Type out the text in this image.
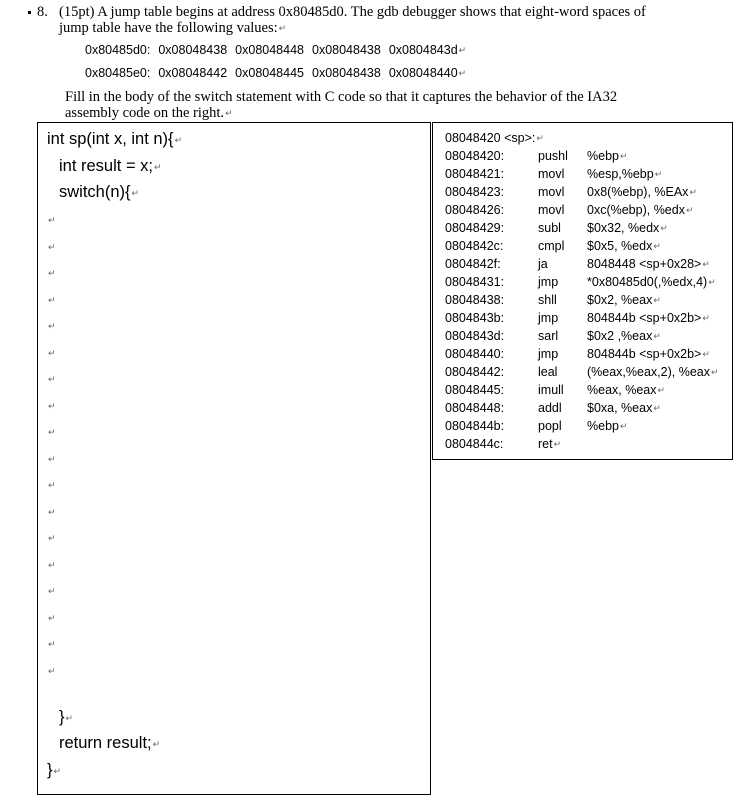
8. (15pt) A jump table begins at address 0x80485d0. The gdb debugger shows that eight-word spaces of
jump table have the following values:↵
0x80485d0: 0x08048438 0x08048448 0x08048438 0x0804843d↵
0x80485e0: 0x08048442 0x08048445 0x08048438 0x08048440↵
Fill in the body of the switch statement with C code so that it captures the behavior of the IA32
assembly code on the right.↵
int sp(int x, int n){↵
int result = x;↵
switch(n){↵
↵
↵
↵
↵
↵
↵
↵
↵
↵
↵
↵
↵
↵
↵
↵
↵
↵
↵
}↵
return result;↵
}↵
08048420 <sp>:↵
08048420:	pushl %ebp↵
08048421:	movl %esp,%ebp↵
08048423:	movl 0x8(%ebp), %EAx↵
08048426:	movl 0xc(%ebp), %edx↵
08048429:	subl $0x32, %edx↵
0804842c:	cmpl $0x5, %edx↵
0804842f:	ja	8048448 <sp+0x28>↵
08048431:	jmp *0x80485d0(,%edx,4)↵
08048438:	shll $0x2, %eax↵
0804843b:	jmp 804844b <sp+0x2b>↵
0804843d:	sarl $0x2 ,%eax↵
08048440:	jmp 804844b <sp+0x2b>↵
08048442:	leal (%eax,%eax,2), %eax↵
08048445:	imull %eax, %eax↵
08048448:	addl $0xa, %eax↵
0804844b:	popl %ebp↵
0804844c:	ret↵
